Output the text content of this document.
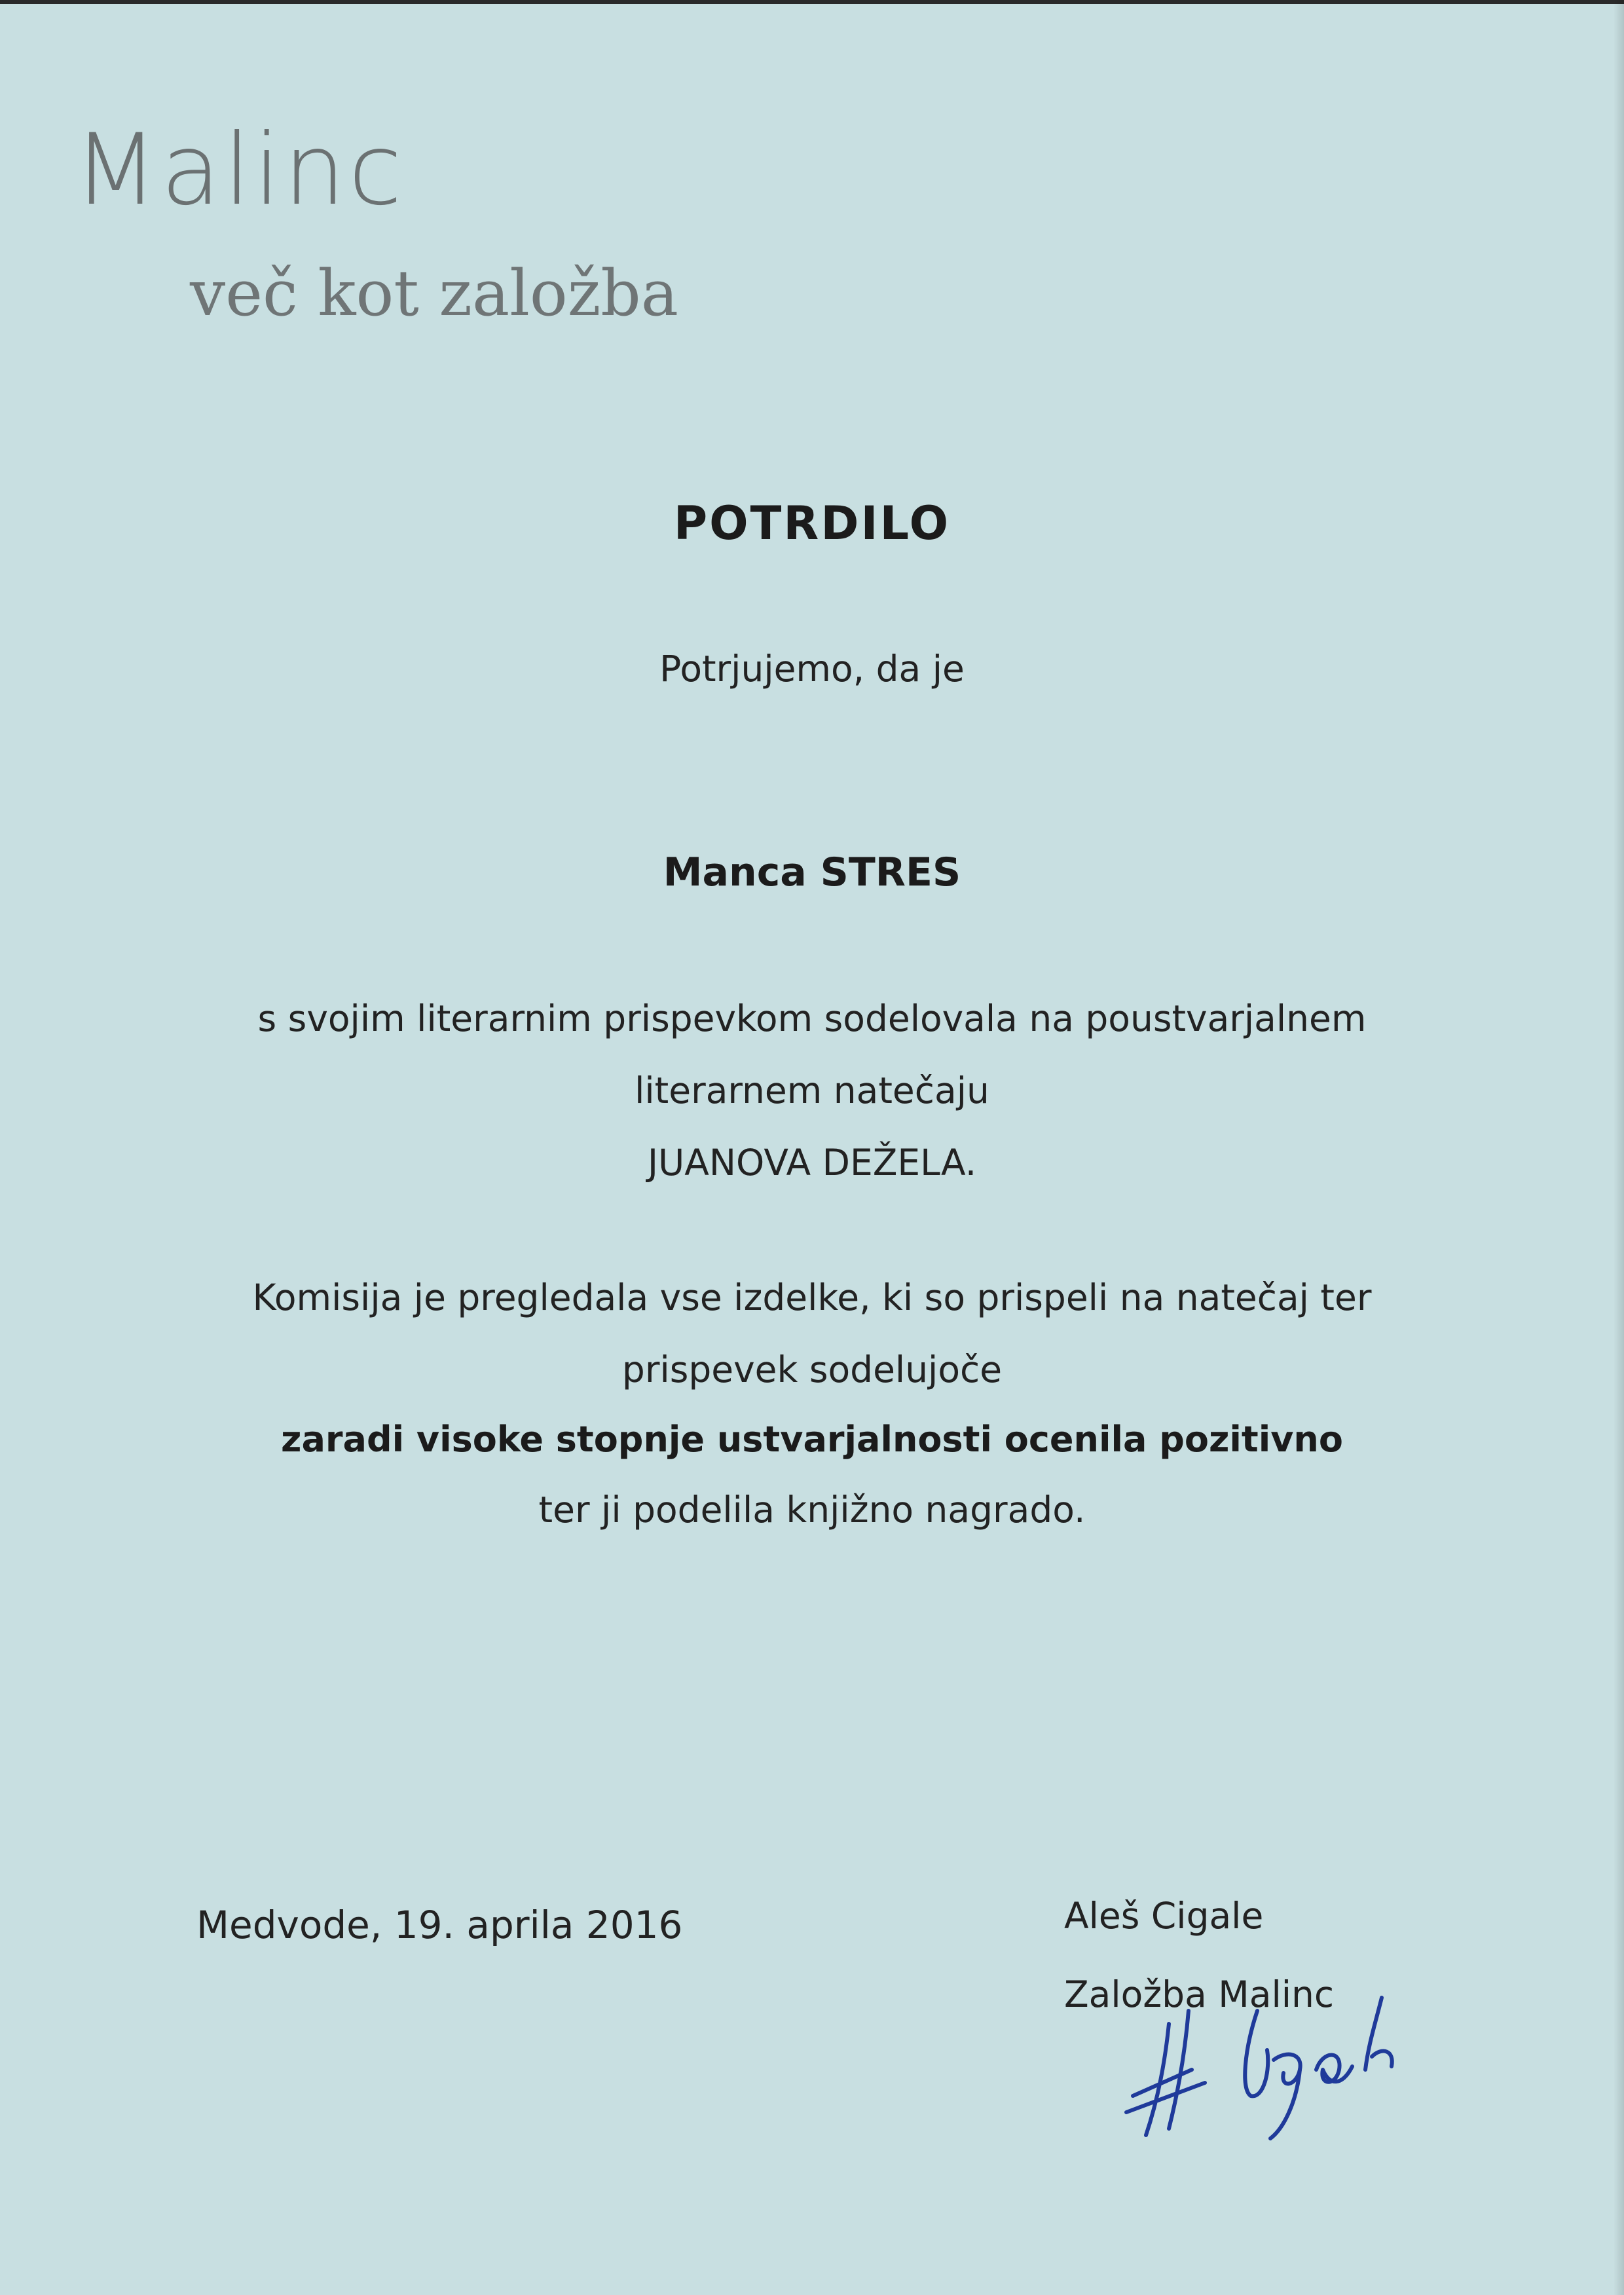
Malinc
več kot založba
POTRDILO
Potrjujemo, da je
Manca STRES
s svojim literarnim prispevkom sodelovala na poustvarjalnem
literarnem natečaju
JUANOVA DEŽELA.
Komisija je pregledala vse izdelke, ki so prispeli na natečaj ter
prispevek sodelujoče
zaradi visoke stopnje ustvarjalnosti ocenila pozitivno
ter ji podelila knjižno nagrado.
Medvode, 19. aprila 2016	Aleš Cigale
Založba Malinc
